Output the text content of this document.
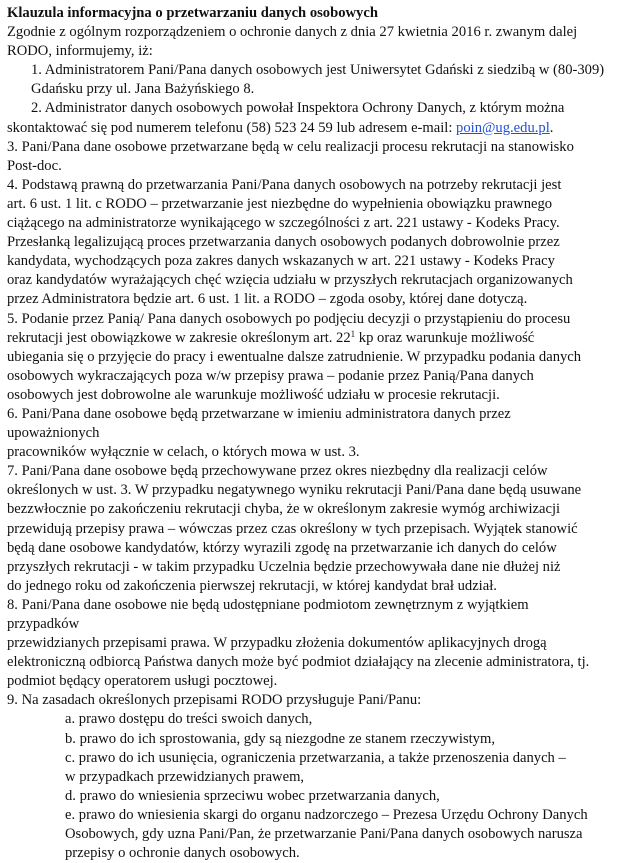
Klauzula informacyjna o przetwarzaniu danych osobowych
Zgodnie z ogólnym rozporządzeniem o ochronie danych z dnia 27 kwietnia 2016 r. zwanym dalej
RODO, informujemy, iż:
1. Administratorem Pani/Pana danych osobowych jest Uniwersytet Gdański z siedzibą w (80-309)
Gdańsku przy ul. Jana Bażyńskiego 8.
2. Administrator danych osobowych powołał Inspektora Ochrony Danych, z którym można
skontaktować się pod numerem telefonu (58) 523 24 59 lub adresem e-mail: poin@ug.edu.pl.
3. Pani/Pana dane osobowe przetwarzane będą w celu realizacji procesu rekrutacji na stanowisko
Post-doc.
4. Podstawą prawną do przetwarzania Pani/Pana danych osobowych na potrzeby rekrutacji jest
art. 6 ust. 1 lit. c RODO – przetwarzanie jest niezbędne do wypełnienia obowiązku prawnego
ciążącego na administratorze wynikającego w szczególności z art. 221 ustawy - Kodeks Pracy.
Przesłanką legalizującą proces przetwarzania danych osobowych podanych dobrowolnie przez
kandydata, wychodzących poza zakres danych wskazanych w art. 221 ustawy - Kodeks Pracy
oraz kandydatów wyrażających chęć wzięcia udziału w przyszłych rekrutacjach organizowanych
przez Administratora będzie art. 6 ust. 1 lit. a RODO – zgoda osoby, której dane dotyczą.
5. Podanie przez Panią/ Pana danych osobowych po podjęciu decyzji o przystąpieniu do procesu
rekrutacji jest obowiązkowe w zakresie określonym art. $22^1$ kp oraz warunkuje możliwość
ubiegania się o przyjęcie do pracy i ewentualne dalsze zatrudnienie. W przypadku podania danych
osobowych wykraczających poza w/w przepisy prawa – podanie przez Panią/Pana danych
osobowych jest dobrowolne ale warunkuje możliwość udziału w procesie rekrutacji.
6. Pani/Pana dane osobowe będą przetwarzane w imieniu administratora danych przez
upoważnionych
pracowników wyłącznie w celach, o których mowa w ust. 3.
7. Pani/Pana dane osobowe będą przechowywane przez okres niezbędny dla realizacji celów
określonych w ust. 3. W przypadku negatywnego wyniku rekrutacji Pani/Pana dane będą usuwane
bezzwłocznie po zakończeniu rekrutacji chyba, że w określonym zakresie wymóg archiwizacji
przewidują przepisy prawa – wówczas przez czas określony w tych przepisach. Wyjątek stanowić
będą dane osobowe kandydatów, którzy wyrazili zgodę na przetwarzanie ich danych do celów
przyszłych rekrutacji - w takim przypadku Uczelnia będzie przechowywała dane nie dłużej niż
do jednego roku od zakończenia pierwszej rekrutacji, w której kandydat brał udział.
8. Pani/Pana dane osobowe nie będą udostępniane podmiotom zewnętrznym z wyjątkiem
przypadków
przewidzianych przepisami prawa. W przypadku złożenia dokumentów aplikacyjnych drogą
elektroniczną odbiorcą Państwa danych może być podmiot działający na zlecenie administratora, tj.
podmiot będący operatorem usługi pocztowej.
9. Na zasadach określonych przepisami RODO przysługuje Pani/Panu:
a. prawo dostępu do treści swoich danych,
b. prawo do ich sprostowania, gdy są niezgodne ze stanem rzeczywistym,
c. prawo do ich usunięcia, ograniczenia przetwarzania, a także przenoszenia danych –
w przypadkach przewidzianych prawem,
d. prawo do wniesienia sprzeciwu wobec przetwarzania danych,
e. prawo do wniesienia skargi do organu nadzorczego – Prezesa Urzędu Ochrony Danych
Osobowych, gdy uzna Pani/Pan, że przetwarzanie Pani/Pana danych osobowych narusza
przepisy o ochronie danych osobowych.
